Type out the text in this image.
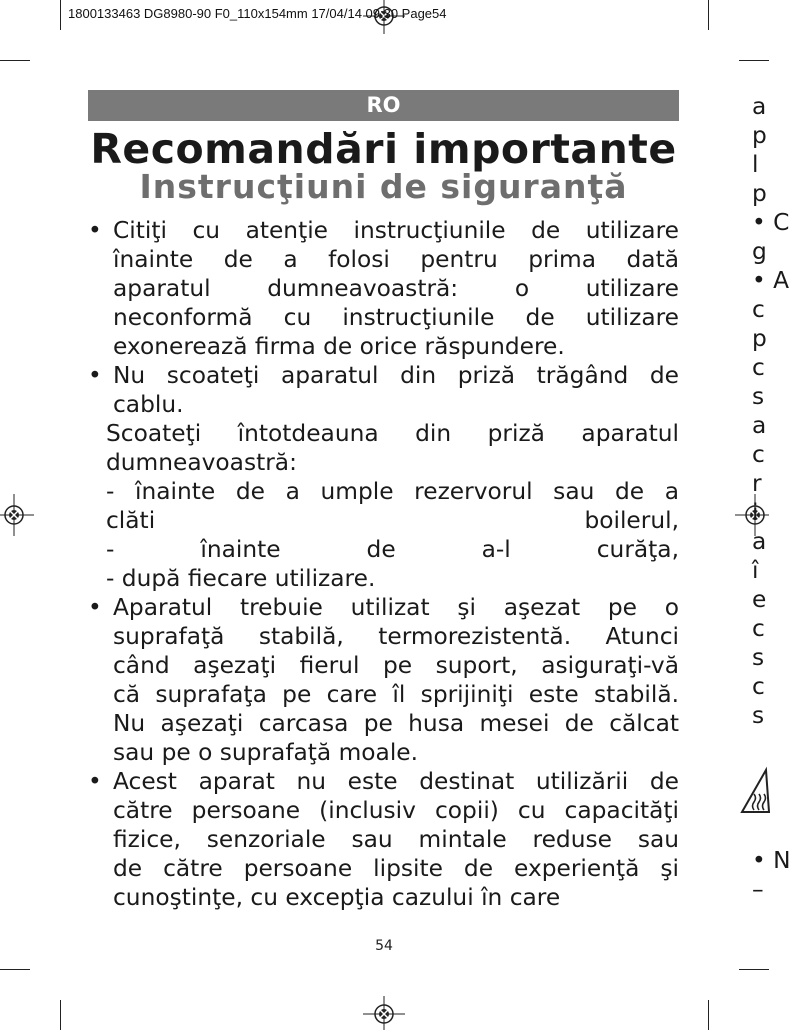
1800133463 DG8980-90 F0_110x154mm 17/04/14 09:30 Page54
RO
Recomandări importante
Instrucţiuni de siguranţă
• Citiţi cu atenţie instrucţiunile de utilizare
înainte de a folosi pentru prima dată
aparatul dumneavoastră: o utilizare
neconformă cu instrucţiunile de utilizare
exonerează firma de orice răspundere.
• Nu scoateţi aparatul din priză trăgând de
cablu.
Scoateţi întotdeauna din priză aparatul
dumneavoastră:
- înainte de a umple rezervorul sau de a
clăti boilerul,
- înainte de a-l curăţa,
- după fiecare utilizare.
• Aparatul trebuie utilizat şi aşezat pe o
suprafaţă stabilă, termorezistentă. Atunci
când aşezaţi fierul pe suport, asiguraţi-vă
că suprafaţa pe care îl sprijiniţi este stabilă.
Nu aşezaţi carcasa pe husa mesei de călcat
sau pe o suprafaţă moale.
• Acest aparat nu este destinat utilizării de
către persoane (inclusiv copii) cu capacităţi
fizice, senzoriale sau mintale reduse sau
de către persoane lipsite de experienţă şi
cunoştinţe, cu excepţia cazului în care
54
a
p
l
p
• C
g
• A
c
p
c
s
a
c
r
i
a
î
e
c
s
c
s
• N
–
